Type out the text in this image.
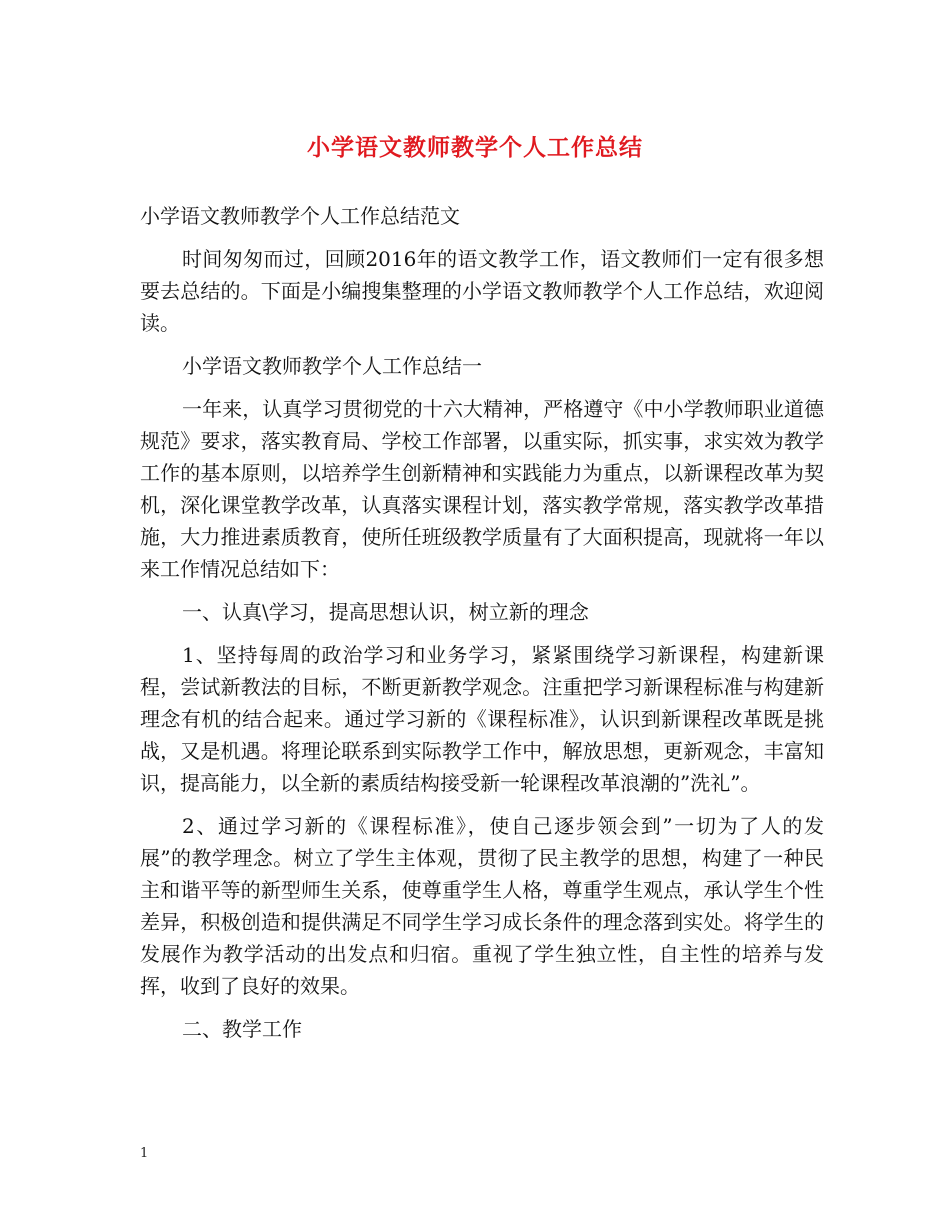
小学语文教师教学个人工作总结

小学语文教师教学个人工作总结范文

时间匆匆而过，回顾2016年的语文教学工作，语文教师们一定有很多想要去总结的。下面是小编搜集整理的小学语文教师教学个人工作总结，欢迎阅读。

小学语文教师教学个人工作总结一

一年来，认真学习贯彻党的十六大精神，严格遵守《中小学教师职业道德规范》要求，落实教育局、学校工作部署，以重实际，抓实事，求实效为教学工作的基本原则，以培养学生创新精神和实践能力为重点，以新课程改革为契机，深化课堂教学改革，认真落实课程计划，落实教学常规，落实教学改革措施，大力推进素质教育，使所任班级教学质量有了大面积提高，现就将一年以来工作情况总结如下：

一、认真\学习，提高思想认识，树立新的理念

1、坚持每周的政治学习和业务学习，紧紧围绕学习新课程，构建新课程，尝试新教法的目标，不断更新教学观念。注重把学习新课程标准与构建新理念有机的结合起来。通过学习新的《课程标准》，认识到新课程改革既是挑战，又是机遇。将理论联系到实际教学工作中，解放思想，更新观念，丰富知识，提高能力，以全新的素质结构接受新一轮课程改革浪潮的”洗礼”。

2、通过学习新的《课程标准》，使自己逐步领会到”一切为了人的发展”的教学理念。树立了学生主体观，贯彻了民主教学的思想，构建了一种民主和谐平等的新型师生关系，使尊重学生人格，尊重学生观点，承认学生个性差异，积极创造和提供满足不同学生学习成长条件的理念落到实处。将学生的发展作为教学活动的出发点和归宿。重视了学生独立性，自主性的培养与发挥，收到了良好的效果。

二、教学工作

1
